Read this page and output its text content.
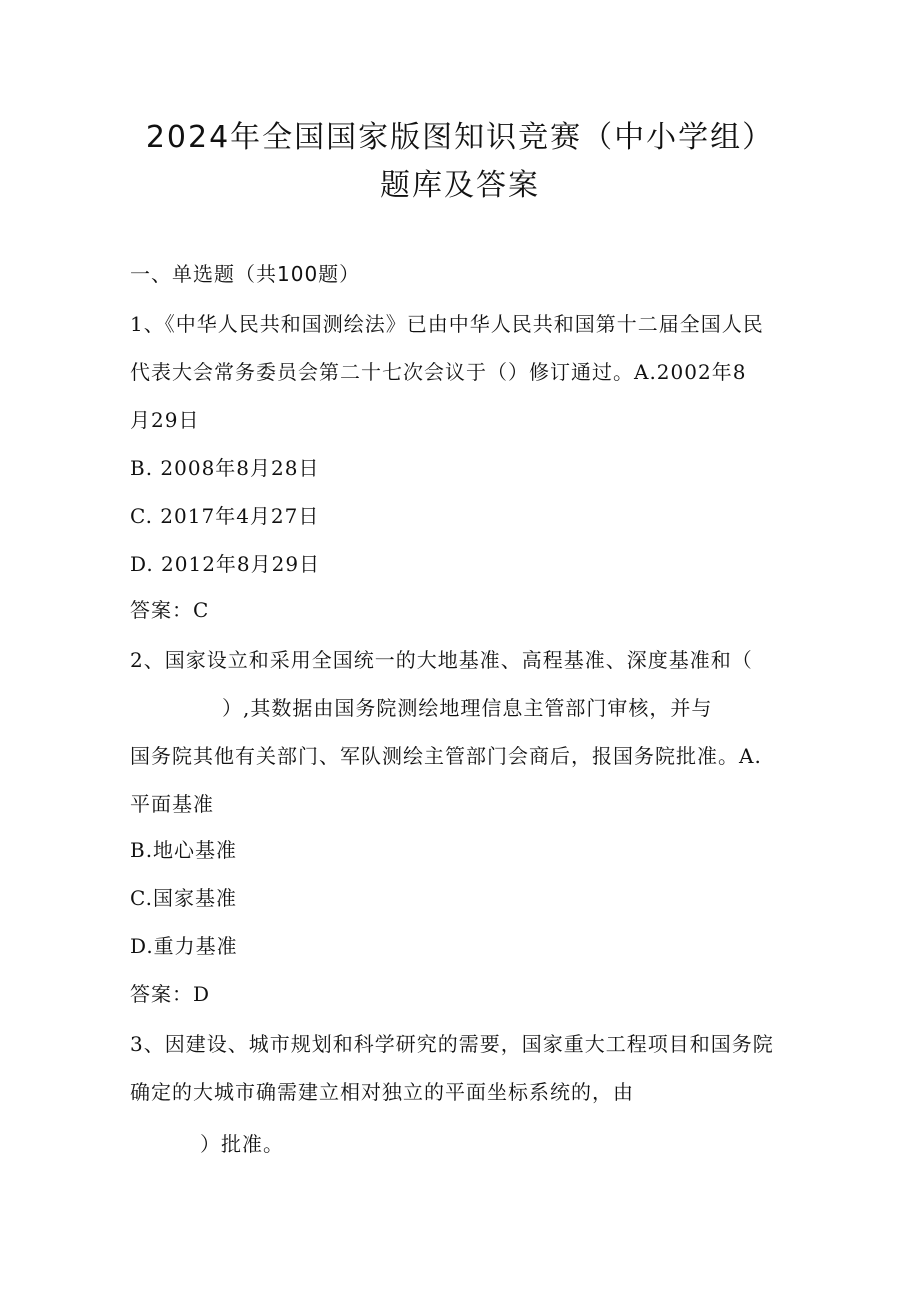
2024年全国国家版图知识竞赛（中小学组）
题库及答案
一、单选题（共100题）
1、《中华人民共和国测绘法》已由中华人民共和国第十二届全国人民
代表大会常务委员会第二十七次会议于（）修订通过。A.2002年8
月29日
B. 2008年8月28日
C. 2017年4月27日
D. 2012年8月29日
答案：C
2、国家设立和采用全国统一的大地基准、高程基准、深度基准和（
）,其数据由国务院测绘地理信息主管部门审核，并与
国务院其他有关部门、军队测绘主管部门会商后，报国务院批准。A.
平面基准
B.地心基准
C.国家基准
D.重力基准
答案：D
3、因建设、城市规划和科学研究的需要，国家重大工程项目和国务院
确定的大城市确需建立相对独立的平面坐标系统的，由
）批准。
